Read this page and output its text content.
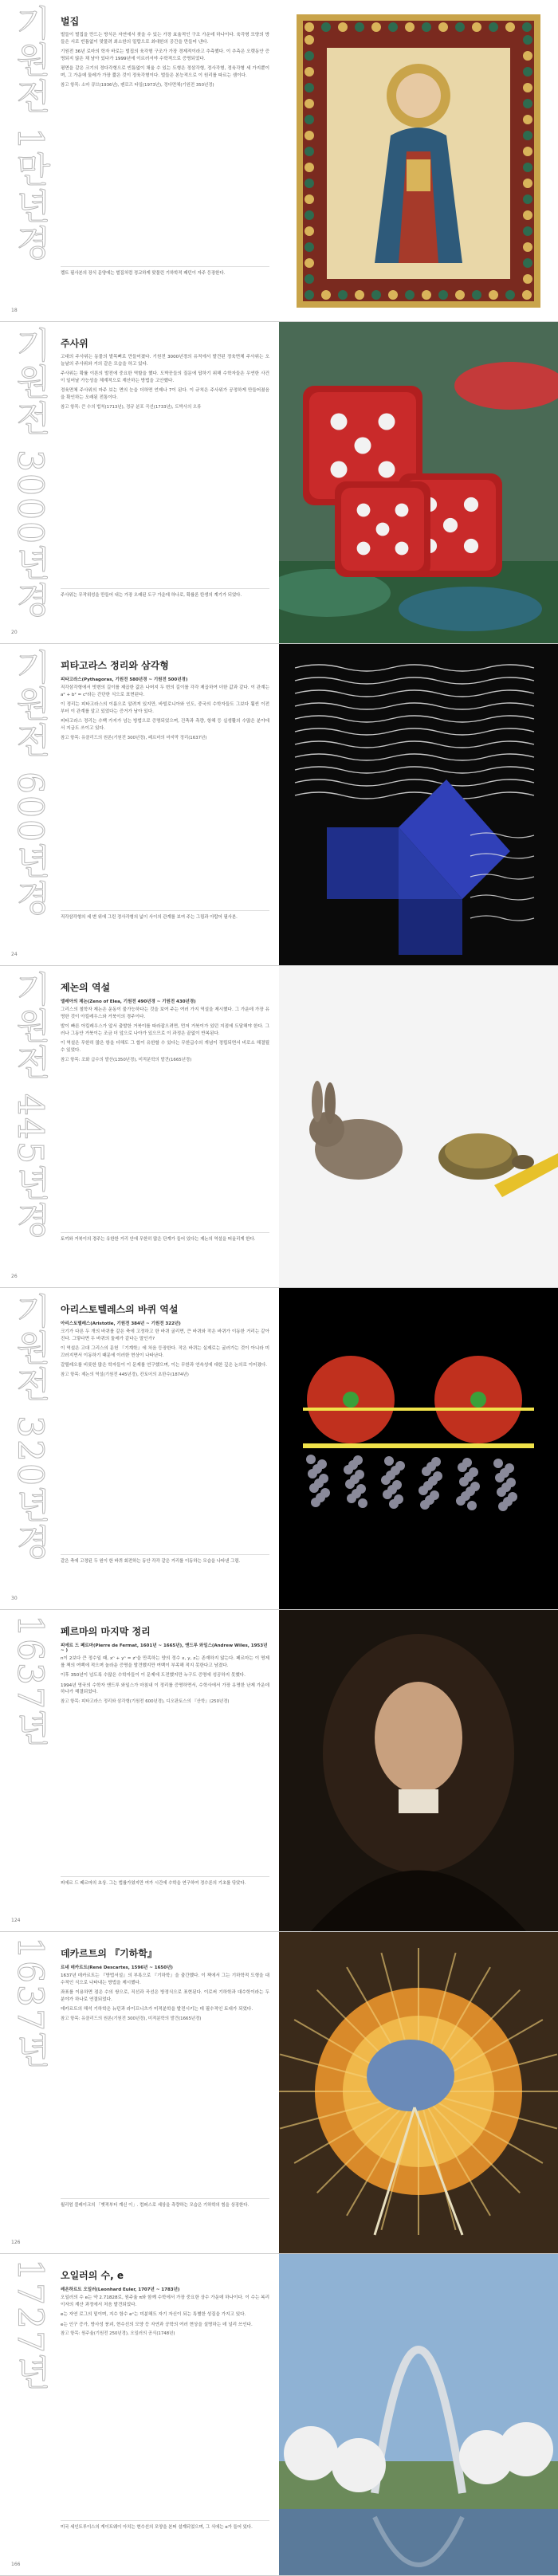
기원전 1만년경 벌집

벌들이 벌집을 만드는 방식은 자연에서 찾을 수 있는 가장 효율적인 구조 가운데 하나이다. 육각형 모양의 방들은 서로 빈틈없이 맞물려 최소한의 밀랍으로 최대한의 공간을 만들어 낸다.

기원전 36년 로마의 학자 바로는 벌집의 육각형 구조가 가장 경제적이라고 추측했다. 이 추측은 오랫동안 증명되지 않은 채 남아 있다가 1999년에 이르러서야 수학적으로 증명되었다.

평면을 같은 크기의 정다각형으로 빈틈없이 채울 수 있는 도형은 정삼각형, 정사각형, 정육각형 세 가지뿐이며, 그 가운데 둘레가 가장 짧은 것이 정육각형이다. 벌들은 본능적으로 이 원리를 따르는 셈이다.

참고 항목: 소마 큐브(1936년), 펜로즈 타일(1973년), 정다면체(기원전 350년경)
켈트 필사본의 장식 문양에는 벌집처럼 정교하게 맞물린 기하학적 패턴이 자주 등장한다.
18
기원전 3000년경 주사위

고대의 주사위는 동물의 발목뼈로 만들어졌다. 기원전 3000년경의 유적에서 발견된 정육면체 주사위는 오늘날의 주사위와 거의 같은 모습을 하고 있다.

주사위는 확률 이론의 발전에 중요한 역할을 했다. 도박꾼들의 질문에 답하기 위해 수학자들은 우연한 사건이 일어날 가능성을 체계적으로 계산하는 방법을 고안했다.

정육면체 주사위의 마주 보는 면의 눈을 더하면 언제나 7이 된다. 이 규칙은 주사위가 공정하게 만들어졌음을 확인하는 오래된 전통이다.

참고 항목: 큰 수의 법칙(1713년), 정규 분포 곡선(1733년), 도박사의 오류
주사위는 무작위성을 만들어 내는 가장 오래된 도구 가운데 하나로, 확률론 탄생의 계기가 되었다.
20
기원전 600년경 피타고라스 정리와 삼각형
피타고라스(Pythagoras, 기원전 580년경 ~ 기원전 500년경)

직각삼각형에서 빗변의 길이를 제곱한 값은 나머지 두 변의 길이를 각각 제곱하여 더한 값과 같다. 이 관계는 a² + b² = c²라는 간단한 식으로 표현된다.

이 정리는 피타고라스의 이름으로 알려져 있지만, 바빌로니아와 인도, 중국의 수학자들도 그보다 훨씬 이전부터 이 관계를 알고 있었다는 증거가 남아 있다.

피타고라스 정리는 수백 가지가 넘는 방법으로 증명되었으며, 건축과 측량, 항해 등 실생활의 수많은 분야에서 지금도 쓰이고 있다.

참고 항목: 유클리드의 원론(기원전 300년경), 페르마의 마지막 정리(1637년)
직각삼각형의 세 변 위에 그린 정사각형의 넓이 사이의 관계를 보여 주는 그림과 아랍어 필사본.
24
기원전 445년경 제논의 역설
엘레아의 제논(Zeno of Elea, 기원전 490년경 ~ 기원전 430년경)

그리스의 철학자 제논은 운동이 불가능하다는 것을 보여 주는 여러 가지 역설을 제시했다. 그 가운데 가장 유명한 것이 아킬레우스와 거북이의 경주이다.

발이 빠른 아킬레우스가 앞서 출발한 거북이를 따라잡으려면, 먼저 거북이가 있던 지점에 도달해야 한다. 그러나 그동안 거북이는 조금 더 앞으로 나아가 있으므로 이 과정은 끝없이 반복된다.

이 역설은 무한히 많은 항을 더해도 그 합이 유한할 수 있다는 무한급수의 개념이 정립되면서 비로소 해결될 수 있었다.

참고 항목: 조화 급수의 발산(1350년경), 미적분학의 발견(1665년경)
토끼와 거북이의 경주는 유한한 거리 안에 무한히 많은 단계가 들어 있다는 제논의 역설을 떠올리게 한다.
26
기원전 320년경 아리스토텔레스의 바퀴 역설
아리스토텔레스(Aristotle, 기원전 384년 ~ 기원전 322년)

크기가 다른 두 개의 바퀴를 같은 축에 고정하고 한 바퀴 굴리면, 큰 바퀴와 작은 바퀴가 이동한 거리는 같아진다. 그렇다면 두 바퀴의 둘레가 같다는 말인가?

이 역설은 고대 그리스의 문헌 『기계학』에 처음 등장한다. 작은 바퀴는 실제로는 굴러가는 것이 아니라 미끄러지면서 이동하기 때문에 이러한 현상이 나타난다.

갈릴레오를 비롯한 많은 학자들이 이 문제를 연구했으며, 이는 무한과 연속성에 대한 깊은 논의로 이어졌다.

참고 항목: 제논의 역설(기원전 445년경), 칸토어의 초한수(1874년)
같은 축에 고정된 두 원이 한 바퀴 회전하는 동안 각각 같은 거리를 이동하는 모습을 나타낸 그림.
30
1637년 페르마의 마지막 정리
피에르 드 페르마(Pierre de Fermat, 1601년 ~ 1665년), 앤드루 와일스(Andrew Wiles, 1953년 ~ )

n이 2보다 큰 정수일 때, xⁿ + yⁿ = zⁿ을 만족하는 양의 정수 x, y, z는 존재하지 않는다. 페르마는 이 명제를 책의 여백에 적으며 놀라운 증명을 발견했지만 여백이 부족해 적지 못한다고 남겼다.

이후 350년이 넘도록 수많은 수학자들이 이 문제에 도전했지만 누구도 증명에 성공하지 못했다.

1994년 영국의 수학자 앤드루 와일스가 마침내 이 정리를 증명하면서, 수학사에서 가장 유명한 난제 가운데 하나가 해결되었다.

참고 항목: 피타고라스 정리와 삼각형(기원전 600년경), 디오판토스의 『산학』(250년경)
피에르 드 페르마의 초상. 그는 법률가였지만 여가 시간에 수학을 연구하여 정수론의 기초를 닦았다.
124
1637년 데카르트의 『기하학』
르네 데카르트(René Descartes, 1596년 ~ 1650년)

1637년 데카르트는 『방법서설』의 부록으로 『기하학』을 출간했다. 이 책에서 그는 기하학적 도형을 대수적인 식으로 나타내는 방법을 제시했다.

좌표를 이용하면 점은 수의 쌍으로, 직선과 곡선은 방정식으로 표현된다. 이로써 기하학과 대수학이라는 두 분야가 하나로 연결되었다.

데카르트의 해석 기하학은 뉴턴과 라이프니츠가 미적분학을 발전시키는 데 필수적인 토대가 되었다.

참고 항목: 유클리드의 원론(기원전 300년경), 미적분학의 발견(1665년경)
윌리엄 블레이크의 「옛적부터 계신 이」. 컴퍼스로 세상을 측량하는 모습은 기하학의 힘을 상징한다.
126
1727년 오일러의 수, e
레온하르트 오일러(Leonhard Euler, 1707년 ~ 1783년)

오일러의 수 e는 약 2.71828로, 원주율 π와 함께 수학에서 가장 중요한 상수 가운데 하나이다. 이 수는 복리 이자의 계산 과정에서 처음 발견되었다.

e는 자연 로그의 밑이며, 지수 함수 eˣ는 미분해도 자기 자신이 되는 특별한 성질을 가지고 있다.

e는 인구 증가, 방사성 붕괴, 현수선의 모양 등 자연과 공학의 여러 현상을 설명하는 데 널리 쓰인다.

참고 항목: 원주율(기원전 250년경), 오일러의 공식(1748년)
미국 세인트루이스의 게이트웨이 아치는 현수선의 모양을 본떠 설계되었으며, 그 식에는 e가 들어 있다.
166
